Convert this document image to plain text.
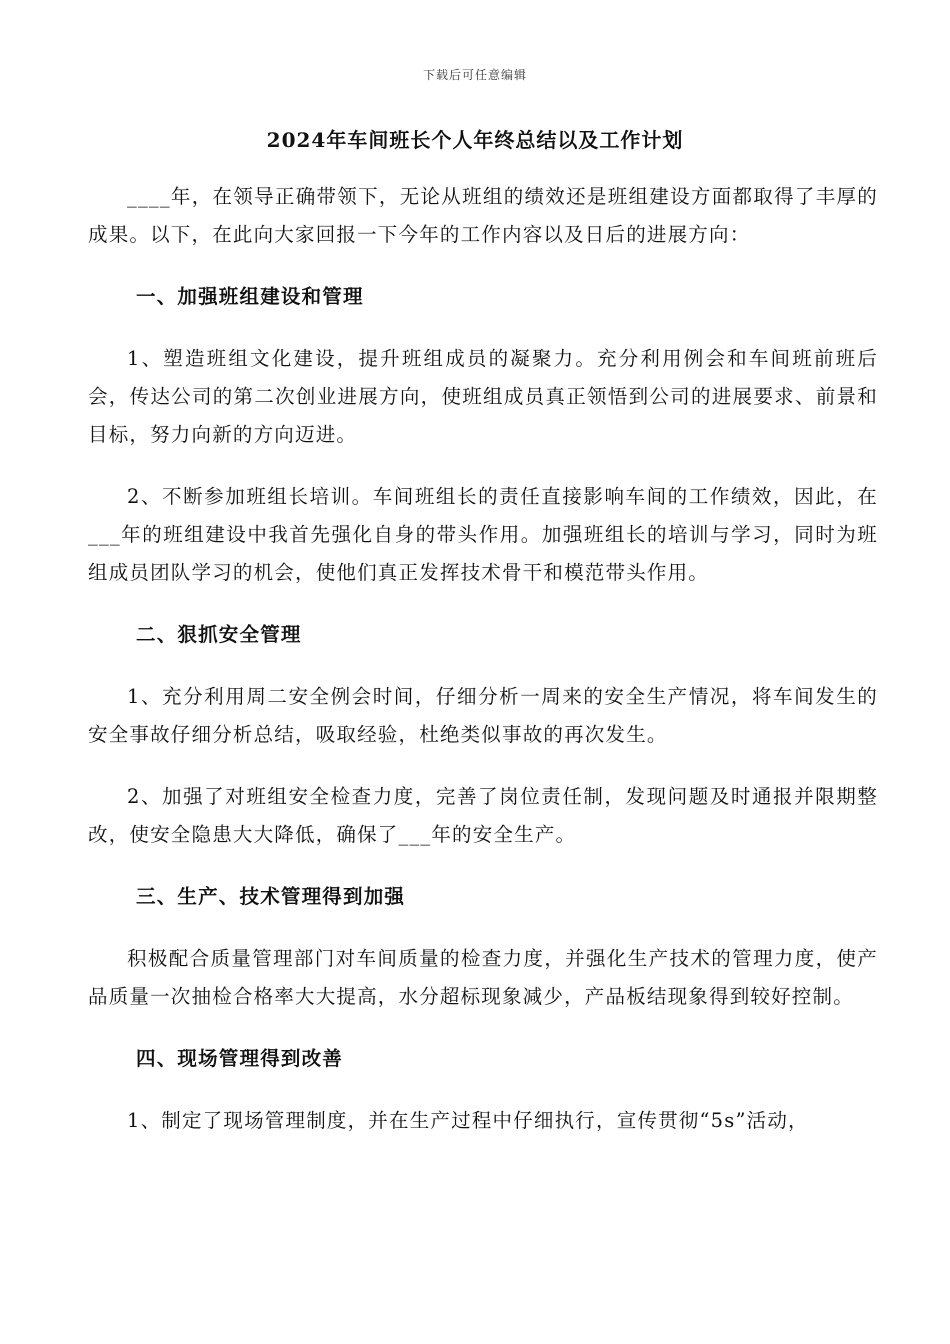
下载后可任意编辑
2024年车间班长个人年终总结以及工作计划

____年，在领导正确带领下，无论从班组的绩效还是班组建设方面都取得了丰厚的成果。以下，在此向大家回报一下今年的工作内容以及日后的进展方向：

一、加强班组建设和管理

1、塑造班组文化建设，提升班组成员的凝聚力。充分利用例会和车间班前班后会，传达公司的第二次创业进展方向，使班组成员真正领悟到公司的进展要求、前景和目标，努力向新的方向迈进。

2、不断参加班组长培训。车间班组长的责任直接影响车间的工作绩效，因此，在___年的班组建设中我首先强化自身的带头作用。加强班组长的培训与学习，同时为班组成员团队学习的机会，使他们真正发挥技术骨干和模范带头作用。

二、狠抓安全管理

1、充分利用周二安全例会时间，仔细分析一周来的安全生产情况，将车间发生的安全事故仔细分析总结，吸取经验，杜绝类似事故的再次发生。

2、加强了对班组安全检查力度，完善了岗位责任制，发现问题及时通报并限期整改，使安全隐患大大降低，确保了___年的安全生产。

三、生产、技术管理得到加强

积极配合质量管理部门对车间质量的检查力度，并强化生产技术的管理力度，使产品质量一次抽检合格率大大提高，水分超标现象减少，产品板结现象得到较好控制。

四、现场管理得到改善

1、制定了现场管理制度，并在生产过程中仔细执行，宣传贯彻“5s”活动，
